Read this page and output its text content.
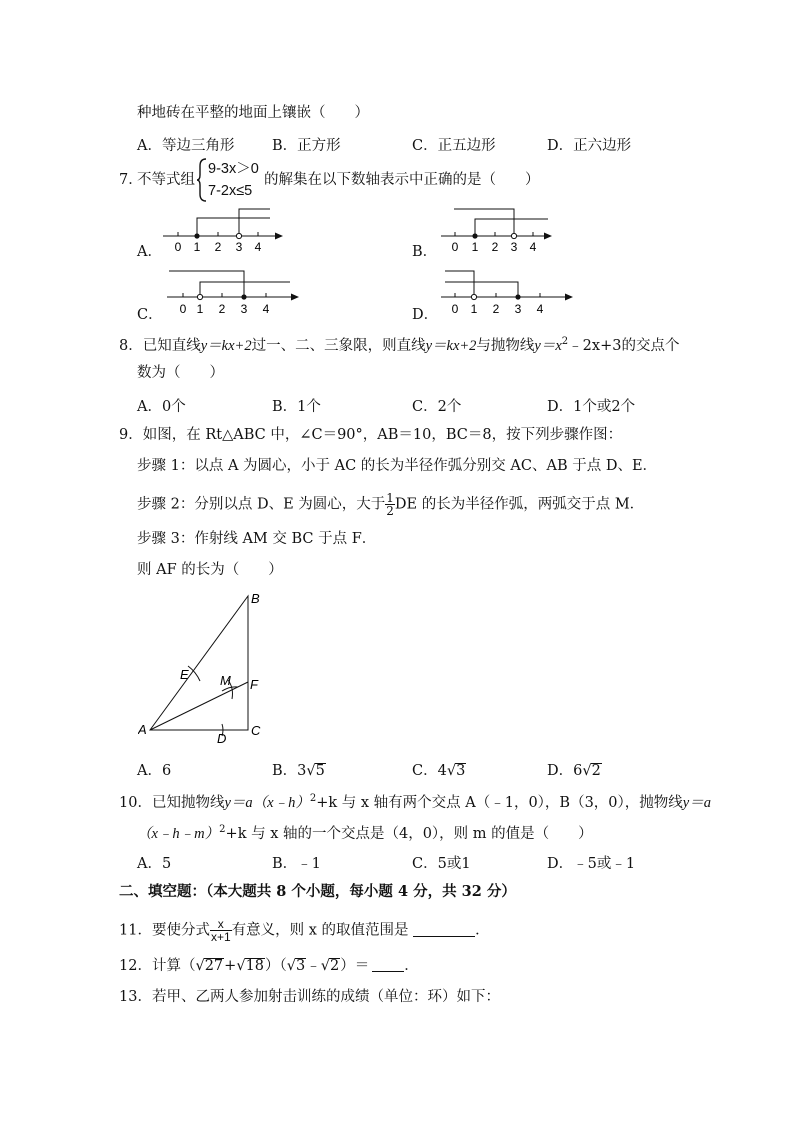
种地砖在平整的地面上镶嵌（　　）
A．等边三角形	B．正方形	C．正五边形	D．正六边形
7．
不等式组
9-3x＞0
7-2x≤5
的解集在以下数轴表示中正确的是（　　）
A． 0 1 2 3 4	B． 0 1 2 3 4
C． 0 1 2 3 4	D． 0 1 2 3 4
8．已知直线y＝kx+2过一、二、三象限，则直线y＝kx+2与抛物线$y=x^2﹣2x+3$的交点个
数为（　　）
A．0个	B．1个	C．2个	D．1个或2个
9．如图，在 Rt△ABC 中，∠C＝90°，AB＝10，BC＝8，按下列步骤作图：
步骤 1：以点 A 为圆心，小于 AC 的长为半径作弧分别交 AC、AB 于点 D、E．
步骤 2：分别以点 D、E 为圆心，大于 $\frac{1}{2}$ DE 的长为半径作弧，两弧交于点 M．
步骤 3：作射线 AM 交 BC 于点 F．
则 AF 的长为（　　）
B
A	C
D
E
F
M
A．6	B．3√5	C．4√3	D．6√2
10．已知抛物线y＝a（x﹣h）$^2$+k 与 x 轴有两个交点 A（﹣1，0），B（3，0），抛物线y＝a
（x﹣h﹣m）$^2$+k 与 x 轴的一个交点是（4，0），则 m 的值是（　　）
A．5	B．﹣1	C．5或1	D．﹣5或﹣1
二、填空题：（本大题共 8 个小题，每小题 4 分，共 32 分）
11．要使分式 $\frac{x}{x+1}$ 有意义，则 x 的取值范围是	．
12．计算（√27+√18）（√3﹣√2）＝ ．
13．若甲、乙两人参加射击训练的成绩（单位：环）如下：
